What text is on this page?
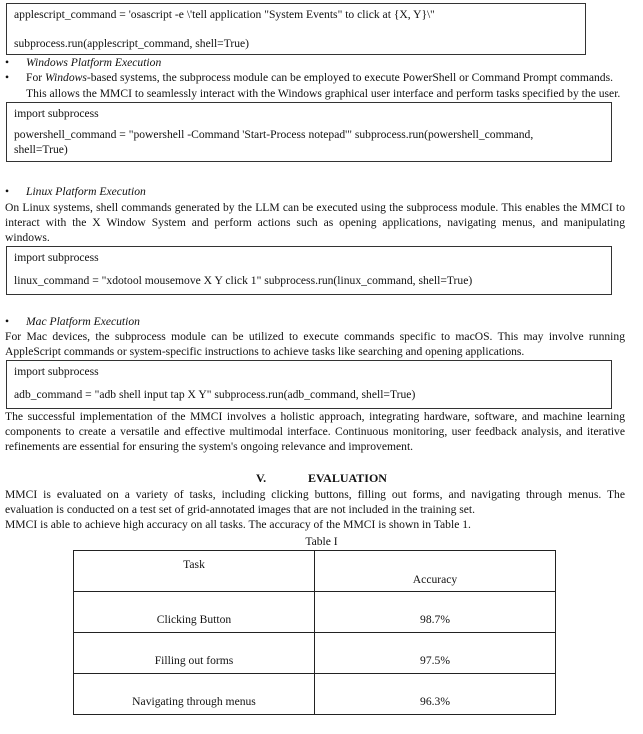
applescript_command = 'osascript -e \'tell application "System Events" to click at {X, Y}\''
subprocess.run(applescript_command, shell=True)
• Windows Platform Execution
• For Windows-based systems, the subprocess module can be employed to execute PowerShell or Command Prompt commands.
This allows the MMCI to seamlessly interact with the Windows graphical user interface and perform tasks specified by the user.
import subprocess
powershell_command = "powershell -Command 'Start-Process notepad'" subprocess.run(powershell_command,
shell=True)
• Linux Platform Execution
On Linux systems, shell commands generated by the LLM can be executed using the subprocess module. This enables the MMCI to
interact with the X Window System and perform actions such as opening applications, navigating menus, and manipulating
windows.
import subprocess
linux_command = "xdotool mousemove X Y click 1" subprocess.run(linux_command, shell=True)
• Mac Platform Execution
For Mac devices, the subprocess module can be utilized to execute commands specific to macOS. This may involve running
AppleScript commands or system-specific instructions to achieve tasks like searching and opening applications.
import subprocess
adb_command = "adb shell input tap X Y" subprocess.run(adb_command, shell=True)
The successful implementation of the MMCI involves a holistic approach, integrating hardware, software, and machine learning
components to create a versatile and effective multimodal interface. Continuous monitoring, user feedback analysis, and iterative
refinements are essential for ensuring the system's ongoing relevance and improvement.
V.	EVALUATION
MMCI is evaluated on a variety of tasks, including clicking buttons, filling out forms, and navigating through menus. The
evaluation is conducted on a test set of grid-annotated images that are not included in the training set.
MMCI is able to achieve high accuracy on all tasks. The accuracy of the MMCI is shown in Table 1.
Table I
Task	Accuracy

Clicking Button	98.7%

Filling out forms	97.5%

Navigating through menus	96.3%
